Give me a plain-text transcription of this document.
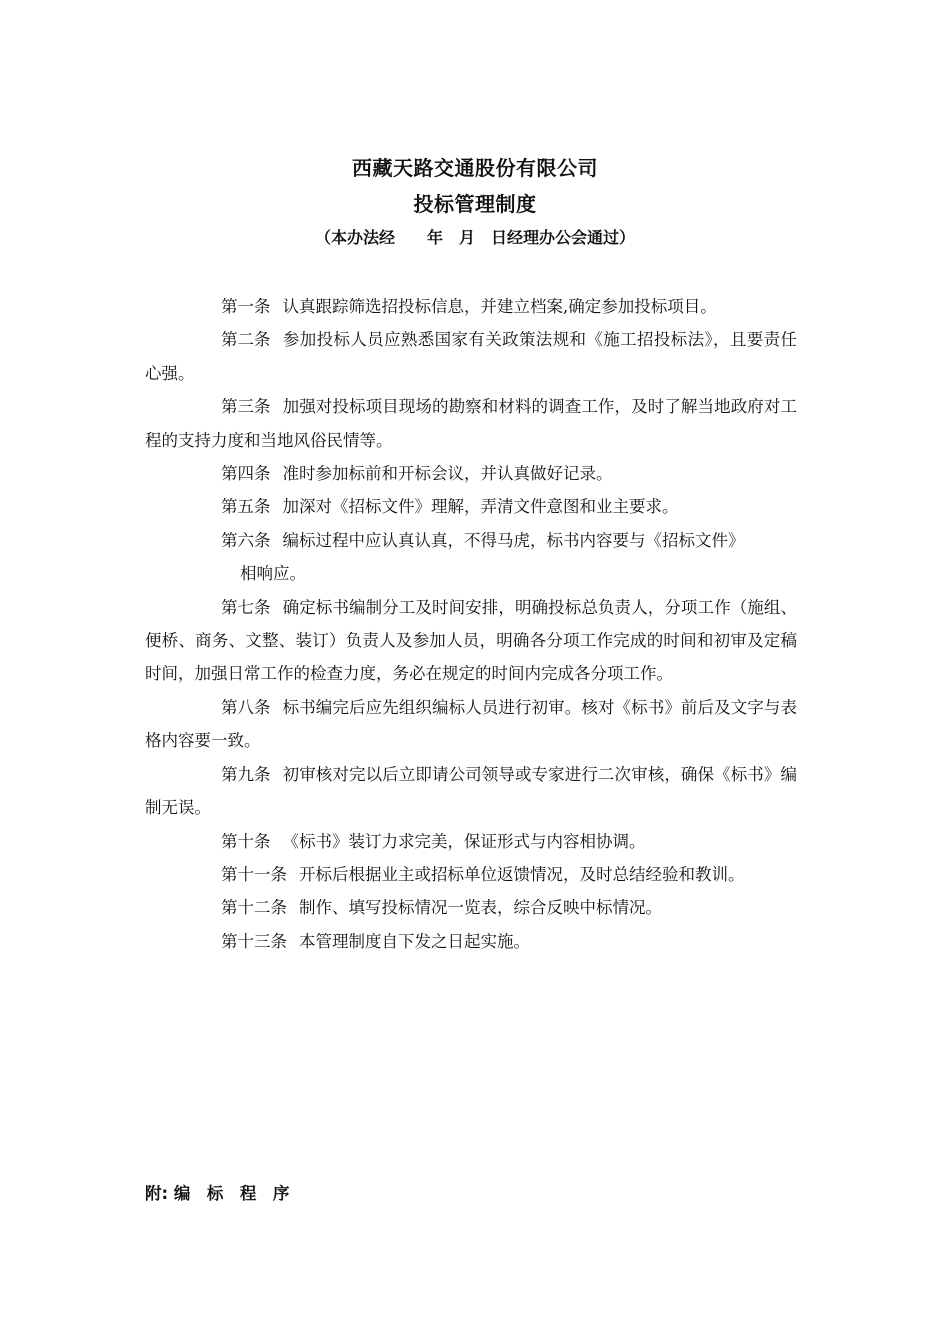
西藏天路交通股份有限公司

投标管理制度

（本办法经　　年　月　日经理办公会通过）

第一条 认真跟踪筛选招投标信息，并建立档案,确定参加投标项目。

第二条 参加投标人员应熟悉国家有关政策法规和《施工招投标法》，且要责任心强。

第三条 加强对投标项目现场的勘察和材料的调查工作，及时了解当地政府对工程的支持力度和当地风俗民情等。

第四条 准时参加标前和开标会议，并认真做好记录。

第五条 加深对《招标文件》理解，弄清文件意图和业主要求。

第六条 编标过程中应认真认真，不得马虎，标书内容要与《招标文件》
相响应。

第七条 确定标书编制分工及时间安排，明确投标总负责人，分项工作（施组、便桥、商务、文整、装订）负责人及参加人员，明确各分项工作完成的时间和初审及定稿时间，加强日常工作的检查力度，务必在规定的时间内完成各分项工作。

第八条 标书编完后应先组织编标人员进行初审。核对《标书》前后及文字与表格内容要一致。

第九条 初审核对完以后立即请公司领导或专家进行二次审核，确保《标书》编制无误。

第十条 《标书》装订力求完美，保证形式与内容相协调。

第十一条 开标后根据业主或招标单位返馈情况，及时总结经验和教训。

第十二条 制作、填写投标情况一览表，综合反映中标情况。

第十三条 本管理制度自下发之日起实施。

附: 编　标　程　序
